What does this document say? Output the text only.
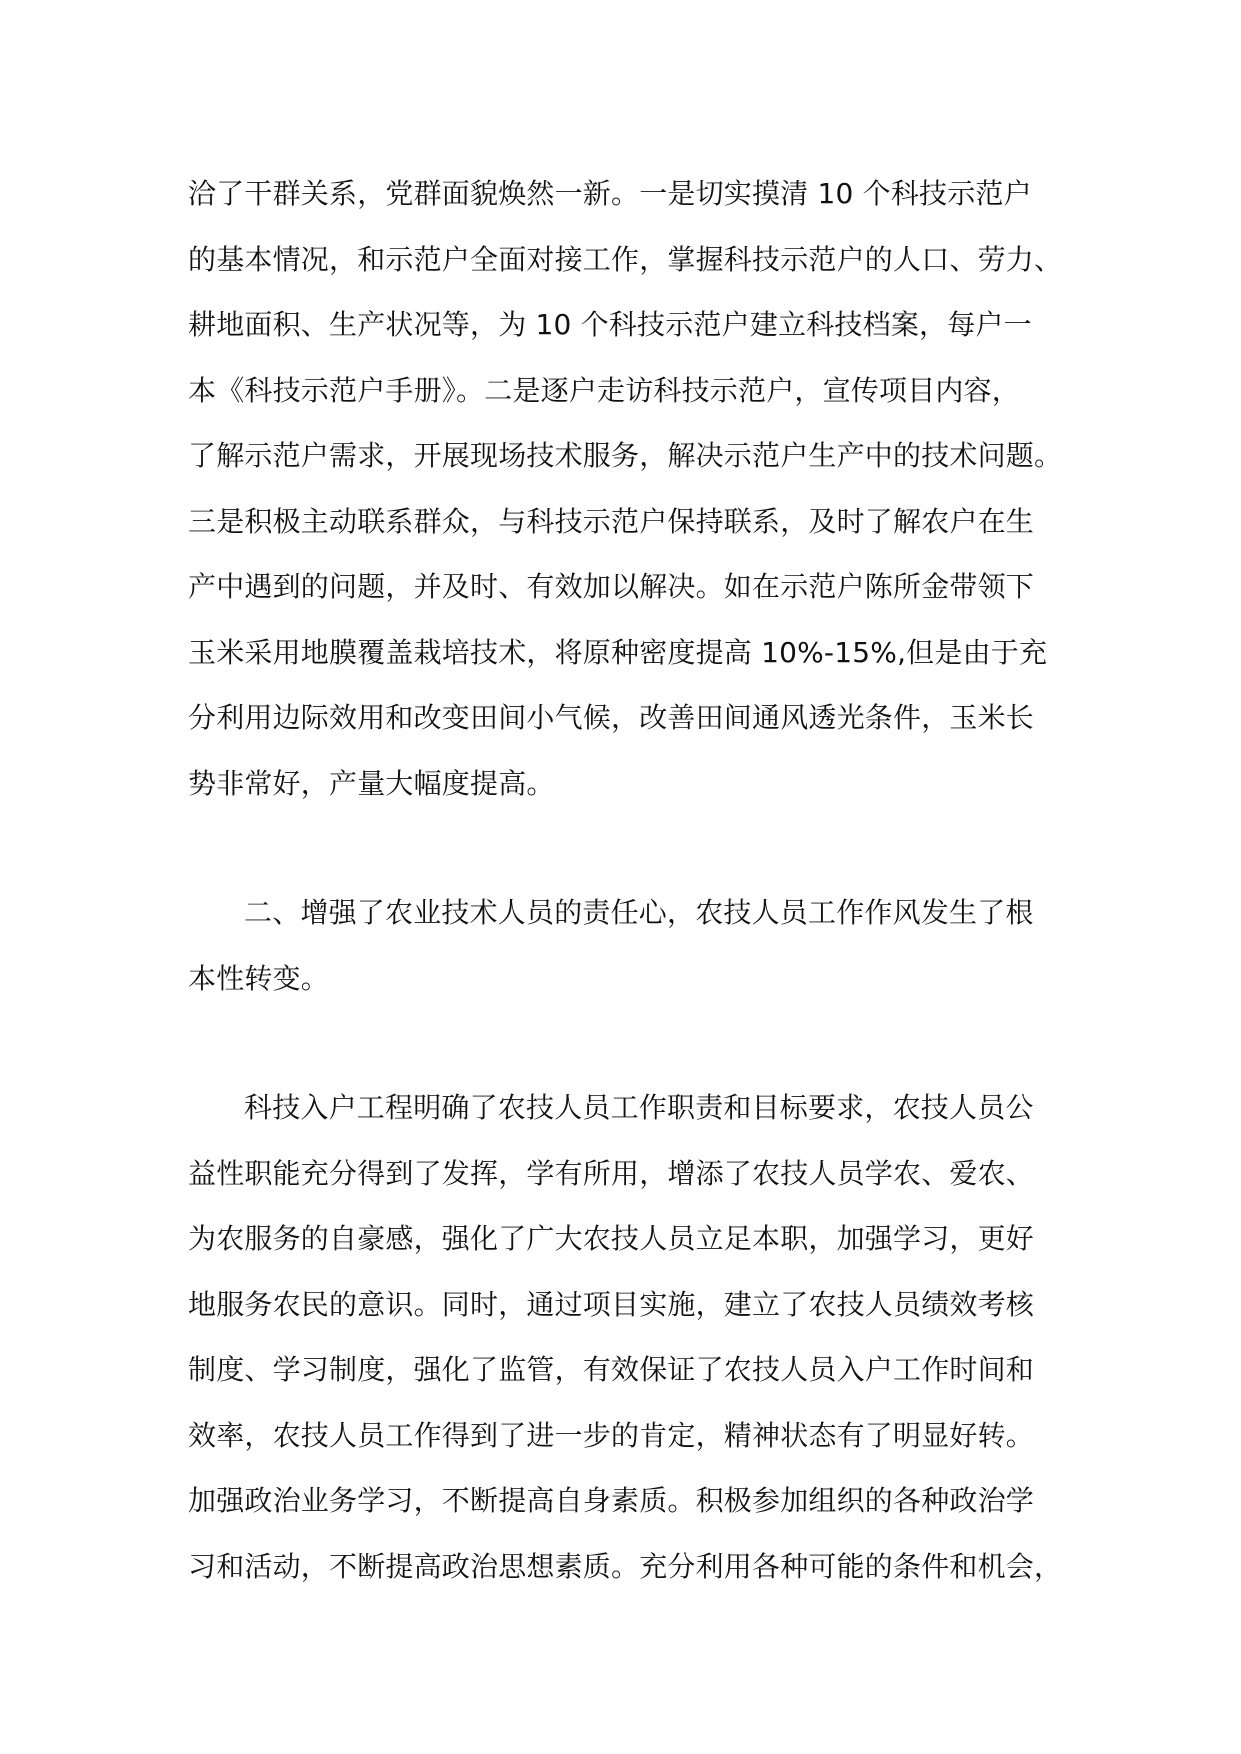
洽了干群关系，党群面貌焕然一新。一是切实摸清 10 个科技示范户
的基本情况，和示范户全面对接工作，掌握科技示范户的人口、劳力、
耕地面积、生产状况等，为 10 个科技示范户建立科技档案，每户一
本《科技示范户手册》。二是逐户走访科技示范户，宣传项目内容，
了解示范户需求，开展现场技术服务，解决示范户生产中的技术问题。
三是积极主动联系群众，与科技示范户保持联系，及时了解农户在生
产中遇到的问题，并及时、有效加以解决。如在示范户陈所金带领下
玉米采用地膜覆盖栽培技术，将原种密度提高 10%-15%,但是由于充
分利用边际效用和改变田间小气候，改善田间通风透光条件，玉米长
势非常好，产量大幅度提高。
二、增强了农业技术人员的责任心，农技人员工作作风发生了根
本性转变。
科技入户工程明确了农技人员工作职责和目标要求，农技人员公
益性职能充分得到了发挥，学有所用，增添了农技人员学农、爱农、
为农服务的自豪感，强化了广大农技人员立足本职，加强学习，更好
地服务农民的意识。同时，通过项目实施，建立了农技人员绩效考核
制度、学习制度，强化了监管，有效保证了农技人员入户工作时间和
效率，农技人员工作得到了进一步的肯定，精神状态有了明显好转。
加强政治业务学习，不断提高自身素质。积极参加组织的各种政治学
习和活动，不断提高政治思想素质。充分利用各种可能的条件和机会，
